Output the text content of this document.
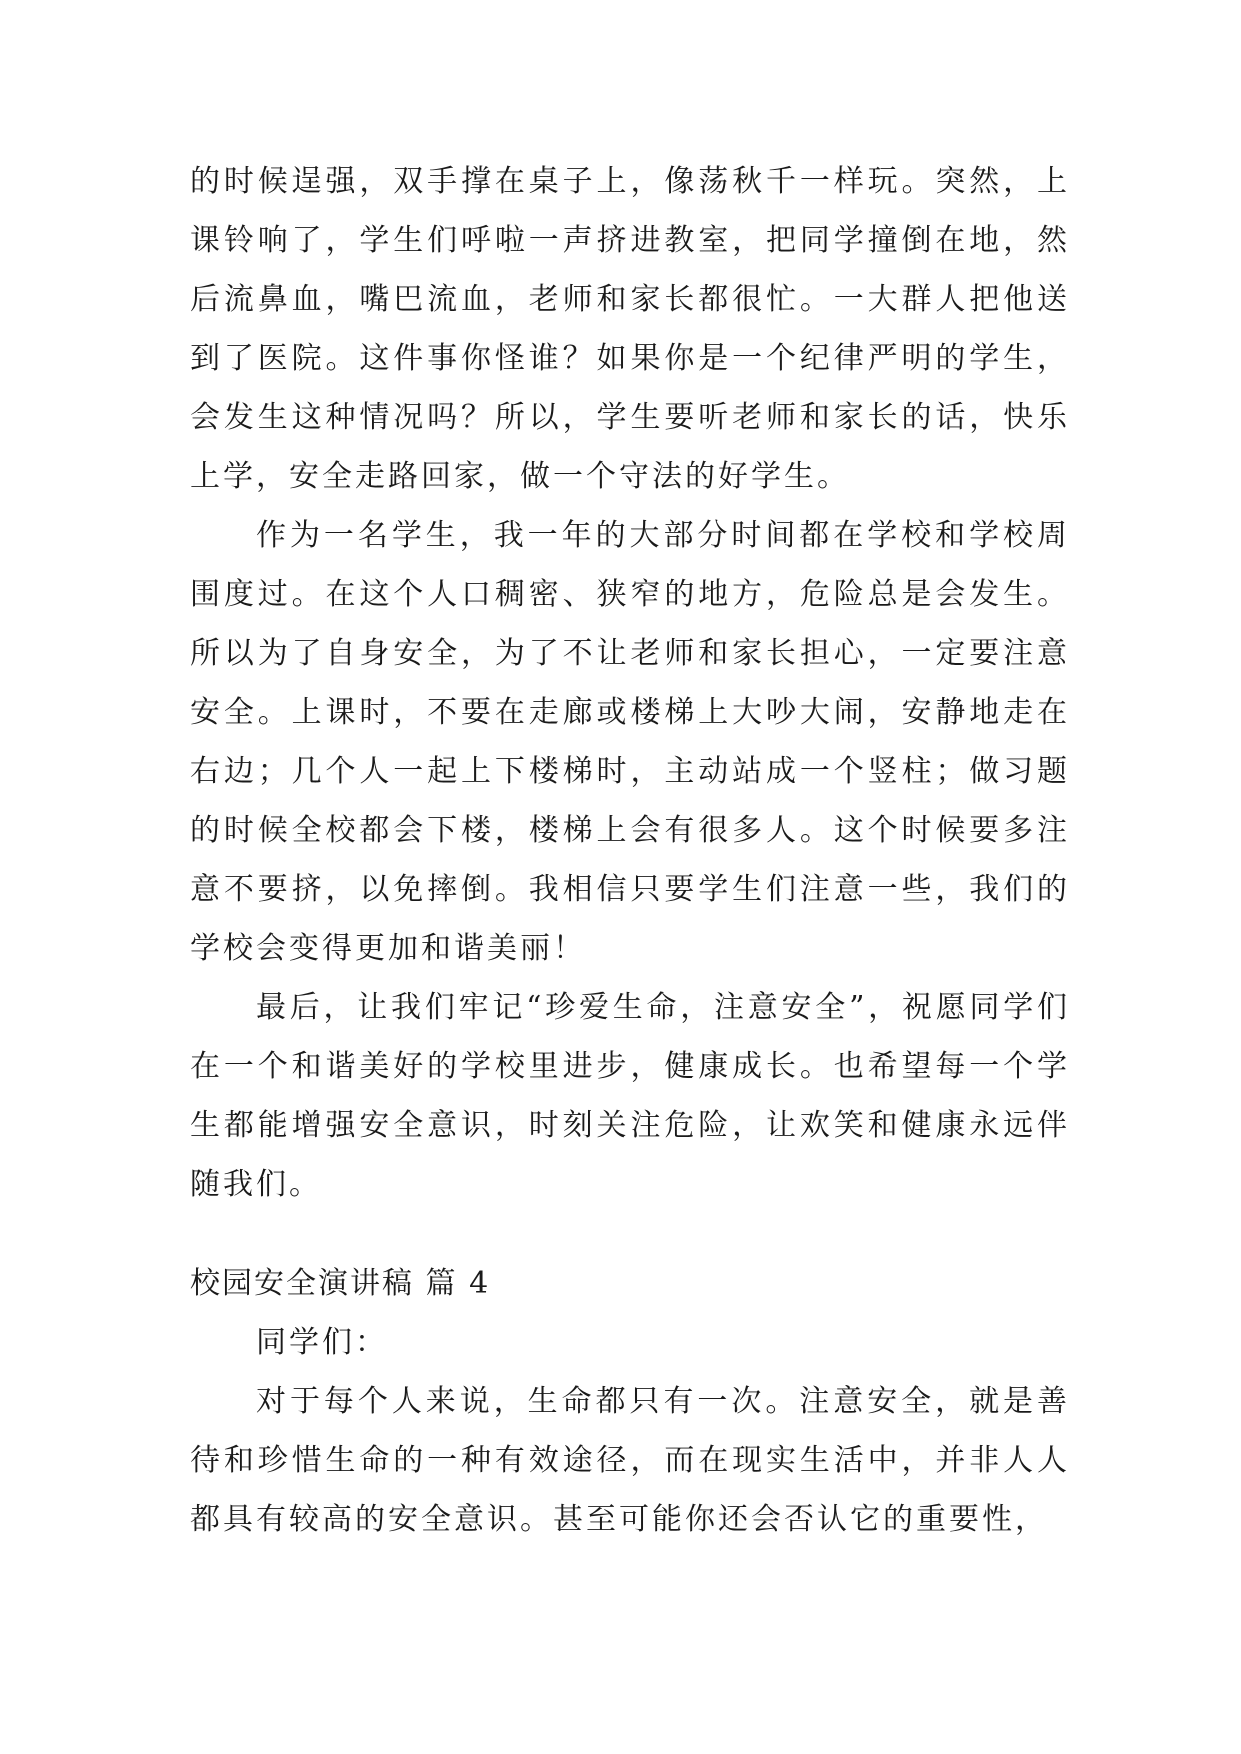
的时候逞强，双手撑在桌子上，像荡秋千一样玩。突然，上课铃响了，学生们呼啦一声挤进教室，把同学撞倒在地，然后流鼻血，嘴巴流血，老师和家长都很忙。一大群人把他送到了医院。这件事你怪谁？如果你是一个纪律严明的学生，会发生这种情况吗？所以，学生要听老师和家长的话，快乐上学，安全走路回家，做一个守法的好学生。

作为一名学生，我一年的大部分时间都在学校和学校周围度过。在这个人口稠密、狭窄的地方，危险总是会发生。所以为了自身安全，为了不让老师和家长担心，一定要注意安全。上课时，不要在走廊或楼梯上大吵大闹，安静地走在右边；几个人一起上下楼梯时，主动站成一个竖柱；做习题的时候全校都会下楼，楼梯上会有很多人。这个时候要多注意不要挤，以免摔倒。我相信只要学生们注意一些，我们的学校会变得更加和谐美丽！

最后，让我们牢记“珍爱生命，注意安全”，祝愿同学们在一个和谐美好的学校里进步，健康成长。也希望每一个学生都能增强安全意识，时刻关注危险，让欢笑和健康永远伴随我们。

校园安全演讲稿 篇 4

同学们：

对于每个人来说，生命都只有一次。注意安全，就是善待和珍惜生命的一种有效途径，而在现实生活中，并非人人都具有较高的安全意识。甚至可能你还会否认它的重要性，
